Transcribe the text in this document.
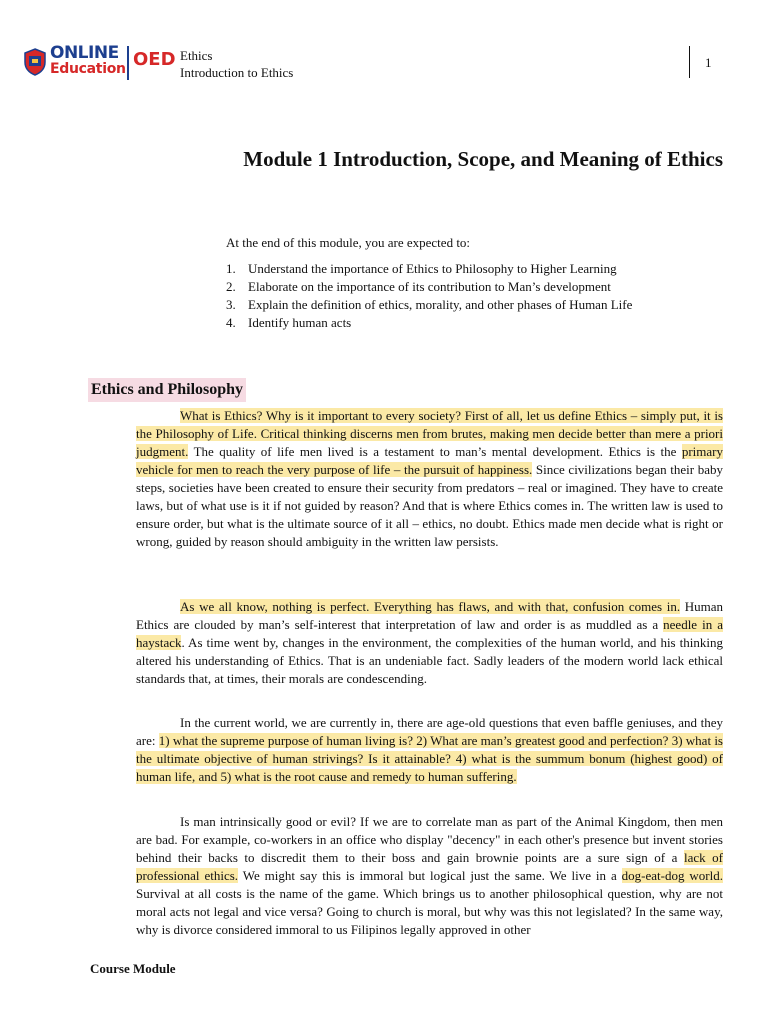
ONLINE
Education OED Ethics
Introduction to Ethics
1
Module 1 Introduction, Scope, and Meaning of Ethics
At the end of this module, you are expected to:
1. Understand the importance of Ethics to Philosophy to Higher Learning
2. Elaborate on the importance of its contribution to Man’s development
3. Explain the definition of ethics, morality, and other phases of Human Life
4. Identify human acts
Ethics and Philosophy

What is Ethics? Why is it important to every society? First of all, let us define Ethics – simply put, it is the Philosophy of Life. Critical thinking discerns men from brutes, making men decide better than mere a priori judgment. The quality of life men lived is a testament to man’s mental development. Ethics is the primary vehicle for men to reach the very purpose of life – the pursuit of happiness. Since civilizations began their baby steps, societies have been created to ensure their security from predators – real or imagined. They have to create laws, but of what use is it if not guided by reason? And that is where Ethics comes in. The written law is used to ensure order, but what is the ultimate source of it all – ethics, no doubt. Ethics made men decide what is right or wrong, guided by reason should ambiguity in the written law persists.

As we all know, nothing is perfect. Everything has flaws, and with that, confusion comes in. Human Ethics are clouded by man’s self-interest that interpretation of law and order is as muddled as a needle in a haystack. As time went by, changes in the environment, the complexities of the human world, and his thinking altered his understanding of Ethics. That is an undeniable fact. Sadly leaders of the modern world lack ethical standards that, at times, their morals are condescending.

In the current world, we are currently in, there are age-old questions that even baffle geniuses, and they are: 1) what the supreme purpose of human living is? 2) What are man’s greatest good and perfection? 3) what is the ultimate objective of human strivings? Is it attainable? 4) what is the summum bonum (highest good) of human life, and 5) what is the root cause and remedy to human suffering.

Is man intrinsically good or evil? If we are to correlate man as part of the Animal Kingdom, then men are bad. For example, co-workers in an office who display "decency" in each other's presence but invent stories behind their backs to discredit them to their boss and gain brownie points are a sure sign of a lack of professional ethics. We might say this is immoral but logical just the same. We live in a dog-eat-dog world. Survival at all costs is the name of the game. Which brings us to another philosophical question, why are not moral acts not legal and vice versa? Going to church is moral, but why was this not legislated? In the same way, why is divorce considered immoral to us Filipinos legally approved in other

Course Module
